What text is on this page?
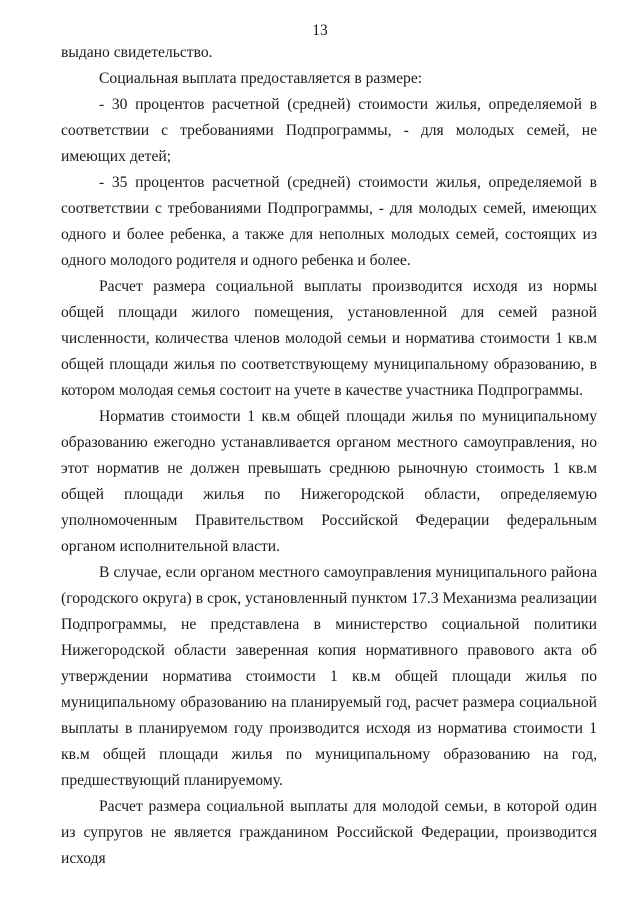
13

выдано свидетельство.

Социальная выплата предоставляется в размере:

- 30 процентов расчетной (средней) стоимости жилья, определяемой в соответствии с требованиями Подпрограммы, - для молодых семей, не имеющих детей;

- 35 процентов расчетной (средней) стоимости жилья, определяемой в соответствии с требованиями Подпрограммы, - для молодых семей, имеющих одного и более ребенка, а также для неполных молодых семей, состоящих из одного молодого родителя и одного ребенка и более.

Расчет размера социальной выплаты производится исходя из нормы общей площади жилого помещения, установленной для семей разной численности, количества членов молодой семьи и норматива стоимости 1 кв.м общей площади жилья по соответствующему муниципальному образованию, в котором молодая семья состоит на учете в качестве участника Подпрограммы.

Норматив стоимости 1 кв.м общей площади жилья по муниципальному образованию ежегодно устанавливается органом местного самоуправления, но этот норматив не должен превышать среднюю рыночную стоимость 1 кв.м общей площади жилья по Нижегородской области, определяемую уполномоченным Правительством Российской Федерации федеральным органом исполнительной власти.

В случае, если органом местного самоуправления муниципального района (городского округа) в срок, установленный пунктом 17.3 Механизма реализации Подпрограммы, не представлена в министерство социальной политики Нижегородской области заверенная копия нормативного правового акта об утверждении норматива стоимости 1 кв.м общей площади жилья по муниципальному образованию на планируемый год, расчет размера социальной выплаты в планируемом году производится исходя из норматива стоимости 1 кв.м общей площади жилья по муниципальному образованию на год, предшествующий планируемому.

Расчет размера социальной выплаты для молодой семьи, в которой один из супругов не является гражданином Российской Федерации, производится исходя
